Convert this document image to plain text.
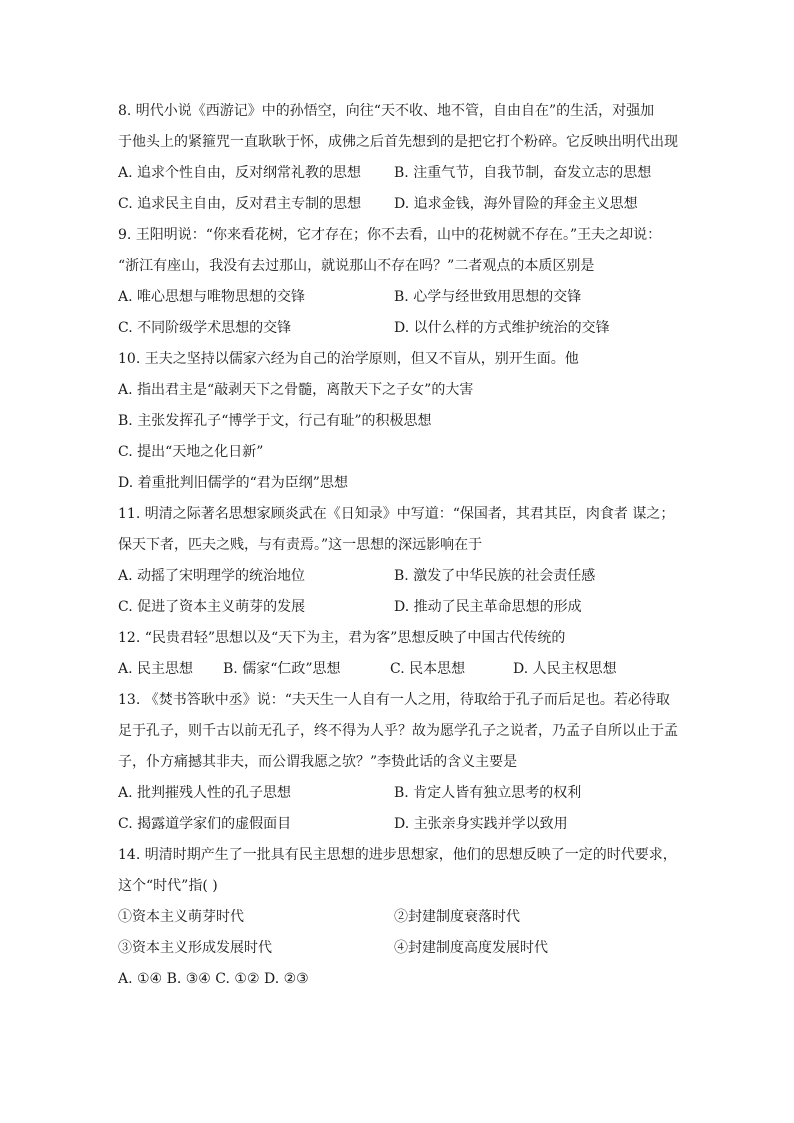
8. 明代小说《西游记》中的孙悟空，向往“天不收、地不管，自由自在”的生活，对强加
于他头上的紧箍咒一直耿耿于怀，成佛之后首先想到的是把它打个粉碎。它反映出明代出现
A. 追求个性自由，反对纲常礼教的思想	B. 注重气节，自我节制，奋发立志的思想
C. 追求民主自由，反对君主专制的思想	D. 追求金钱，海外冒险的拜金主义思想
9. 王阳明说：“你来看花树，它才存在；你不去看，山中的花树就不存在。”王夫之却说：
“浙江有座山，我没有去过那山，就说那山不存在吗？”二者观点的本质区别是
A. 唯心思想与唯物思想的交锋	B. 心学与经世致用思想的交锋
C. 不同阶级学术思想的交锋	D. 以什么样的方式维护统治的交锋
10. 王夫之坚持以儒家六经为自己的治学原则，但又不盲从，别开生面。他
A. 指出君主是“敲剥天下之骨髓，离散天下之子女”的大害
B. 主张发挥孔子“博学于文，行己有耻”的积极思想
C. 提出“天地之化日新”
D. 着重批判旧儒学的“君为臣纲”思想
11. 明清之际著名思想家顾炎武在《日知录》中写道：“保国者，其君其臣，肉食者 谋之；
保天下者，匹夫之贱，与有责焉。”这一思想的深远影响在于
A. 动摇了宋明理学的统治地位	B. 激发了中华民族的社会责任感
C. 促进了资本主义萌芽的发展	D. 推动了民主革命思想的形成
12. “民贵君轻”思想以及“天下为主，君为客”思想反映了中国古代传统的
A. 民主思想 B. 儒家“仁政”思想	C. 民本思想	D. 人民主权思想
13. 《焚书答耿中丞》说：“夫天生一人自有一人之用，待取给于孔子而后足也。若必待取
足于孔子，则千古以前无孔子，终不得为人乎？故为愿学孔子之说者，乃孟子自所以止于孟
子，仆方痛撼其非夫，而公谓我愿之欤？”李贽此话的含义主要是
A. 批判摧残人性的孔子思想	B. 肯定人皆有独立思考的权利
C. 揭露道学家们的虚假面目	D. 主张亲身实践并学以致用
14. 明清时期产生了一批具有民主思想的进步思想家，他们的思想反映了一定的时代要求，
这个“时代”指( )
①资本主义萌芽时代	②封建制度衰落时代
③资本主义形成发展时代	④封建制度高度发展时代
A. ①④ B. ③④ C. ①② D. ②③
